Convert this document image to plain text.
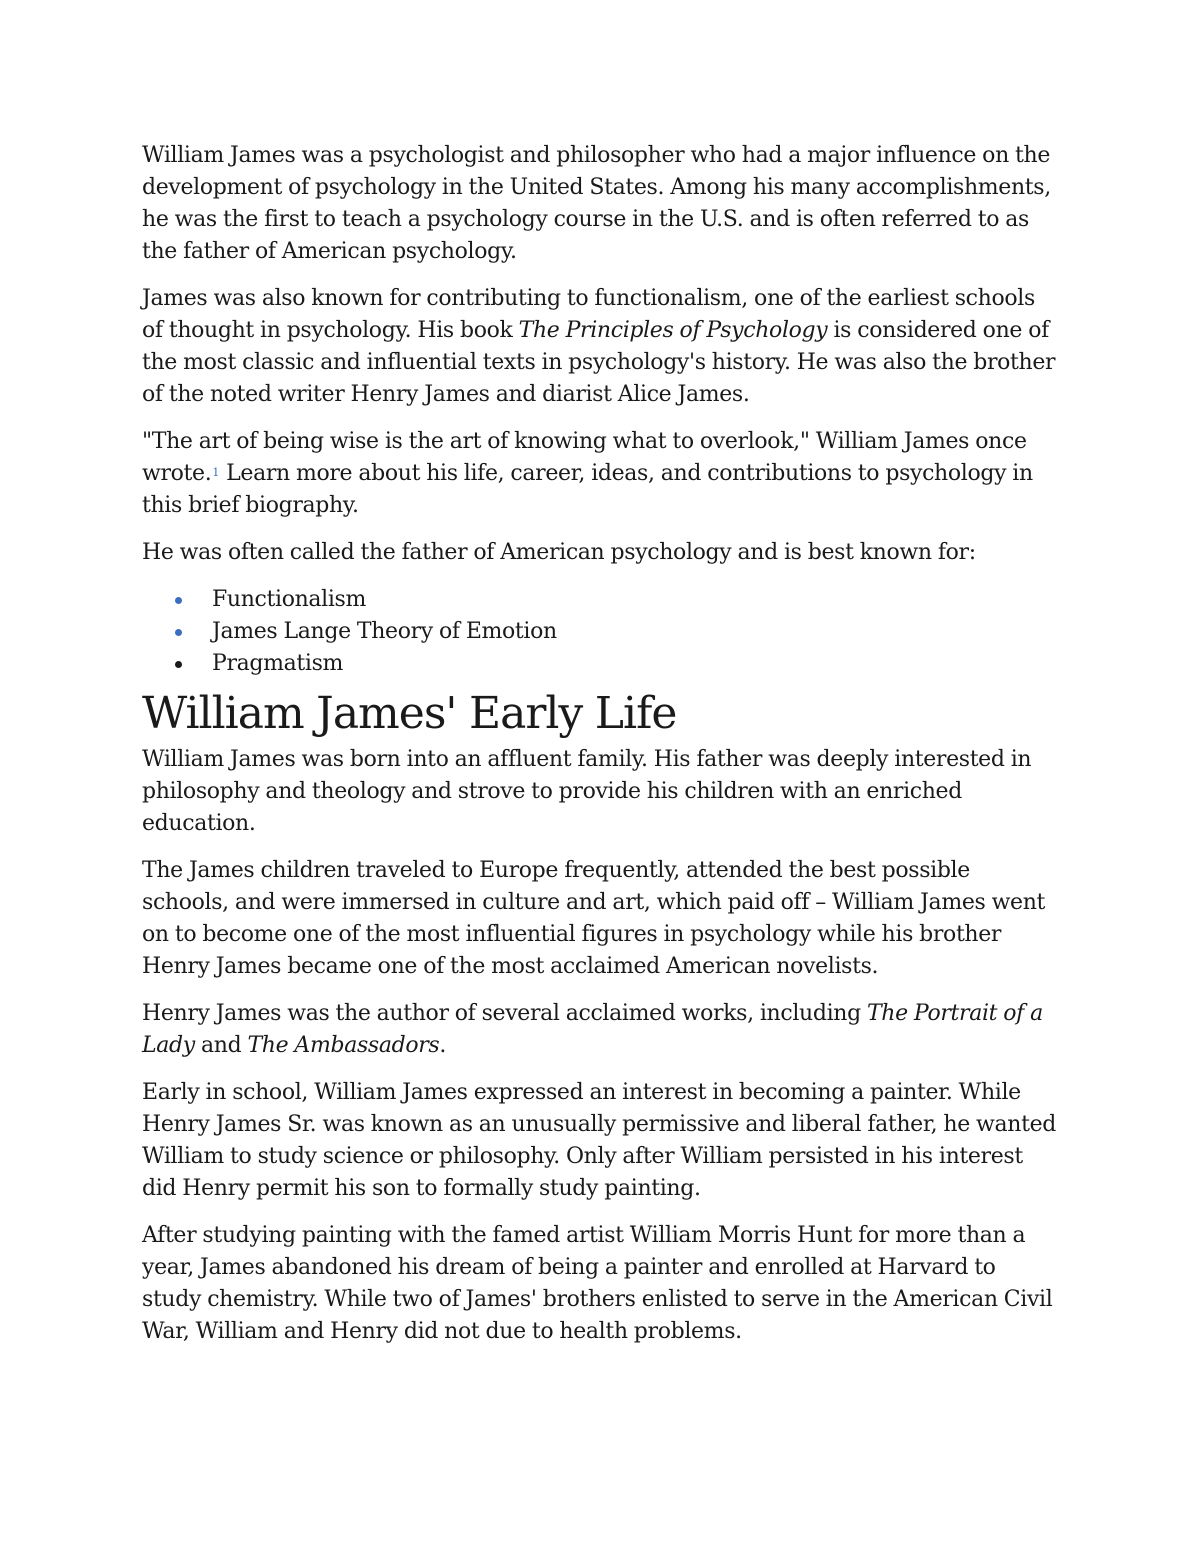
William James was a psychologist and philosopher who had a major influence on the development of psychology in the United States. Among his many accomplishments, he was the first to teach a psychology course in the U.S. and is often referred to as the father of American psychology.

James was also known for contributing to functionalism, one of the earliest schools of thought in psychology. His book The Principles of Psychology is considered one of the most classic and influential texts in psychology's history. He was also the brother of the noted writer Henry James and diarist Alice James.

"The art of being wise is the art of knowing what to overlook," William James once wrote.$^1$ Learn more about his life, career, ideas, and contributions to psychology in this brief biography.

He was often called the father of American psychology and is best known for:

Functionalism
James Lange Theory of Emotion
Pragmatism
William James' Early Life

William James was born into an affluent family. His father was deeply interested in philosophy and theology and strove to provide his children with an enriched education.

The James children traveled to Europe frequently, attended the best possible schools, and were immersed in culture and art, which paid off – William James went on to become one of the most influential figures in psychology while his brother Henry James became one of the most acclaimed American novelists.

Henry James was the author of several acclaimed works, including The Portrait of a Lady and The Ambassadors.

Early in school, William James expressed an interest in becoming a painter. While Henry James Sr. was known as an unusually permissive and liberal father, he wanted William to study science or philosophy. Only after William persisted in his interest did Henry permit his son to formally study painting.

After studying painting with the famed artist William Morris Hunt for more than a year, James abandoned his dream of being a painter and enrolled at Harvard to study chemistry. While two of James' brothers enlisted to serve in the American Civil War, William and Henry did not due to health problems.
